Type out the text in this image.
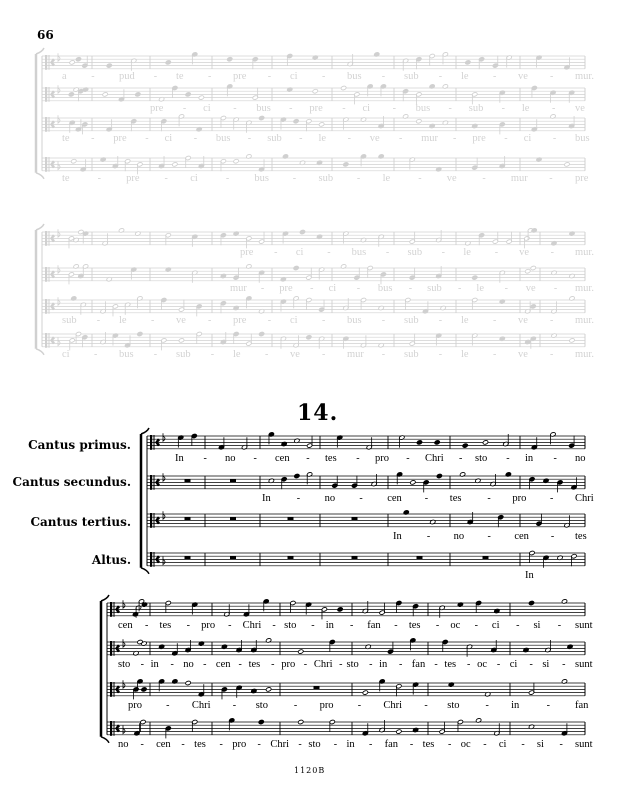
66
a - pud - te - pre - ci - bus - sub - le - ve - mur.
pre - ci - bus - pre - ci - bus - sub - le - ve
te - pre - ci - bus - sub - le - ve - mur - pre - ci - bus
te	- pre - ci	- bus - sub - le	- ve	- mur - pre
pre - ci - bus - sub - le - ve - mur.
mur - pre - ci - bus - sub - le - ve - mur.
sub - le - ve - pre - ci - bus - sub - le - ve - mur.
ci - bus - sub - le - ve - mur - sub - le - ve - mur.
In - no - cen - tes - pro - Chri - sto - in - no
In	- no - cen - tes	- pro - Chri
In	- no - cen - tes
In
cen - tes - pro - Chri - sto - in - fan - tes - oc - ci - si - sunt
sto - in - no - cen - tes - pro - Chri - sto - in - fan - tes - oc - ci - si - sunt
pro - Chri - sto	- pro - Chri - sto	- in	- fan
no - cen - tes - pro - Chri - sto - in - fan - tes - oc - ci - si - sunt
14.
Cantus primus.
Cantus secundus.
Cantus tertius.
Altus.
1120B
